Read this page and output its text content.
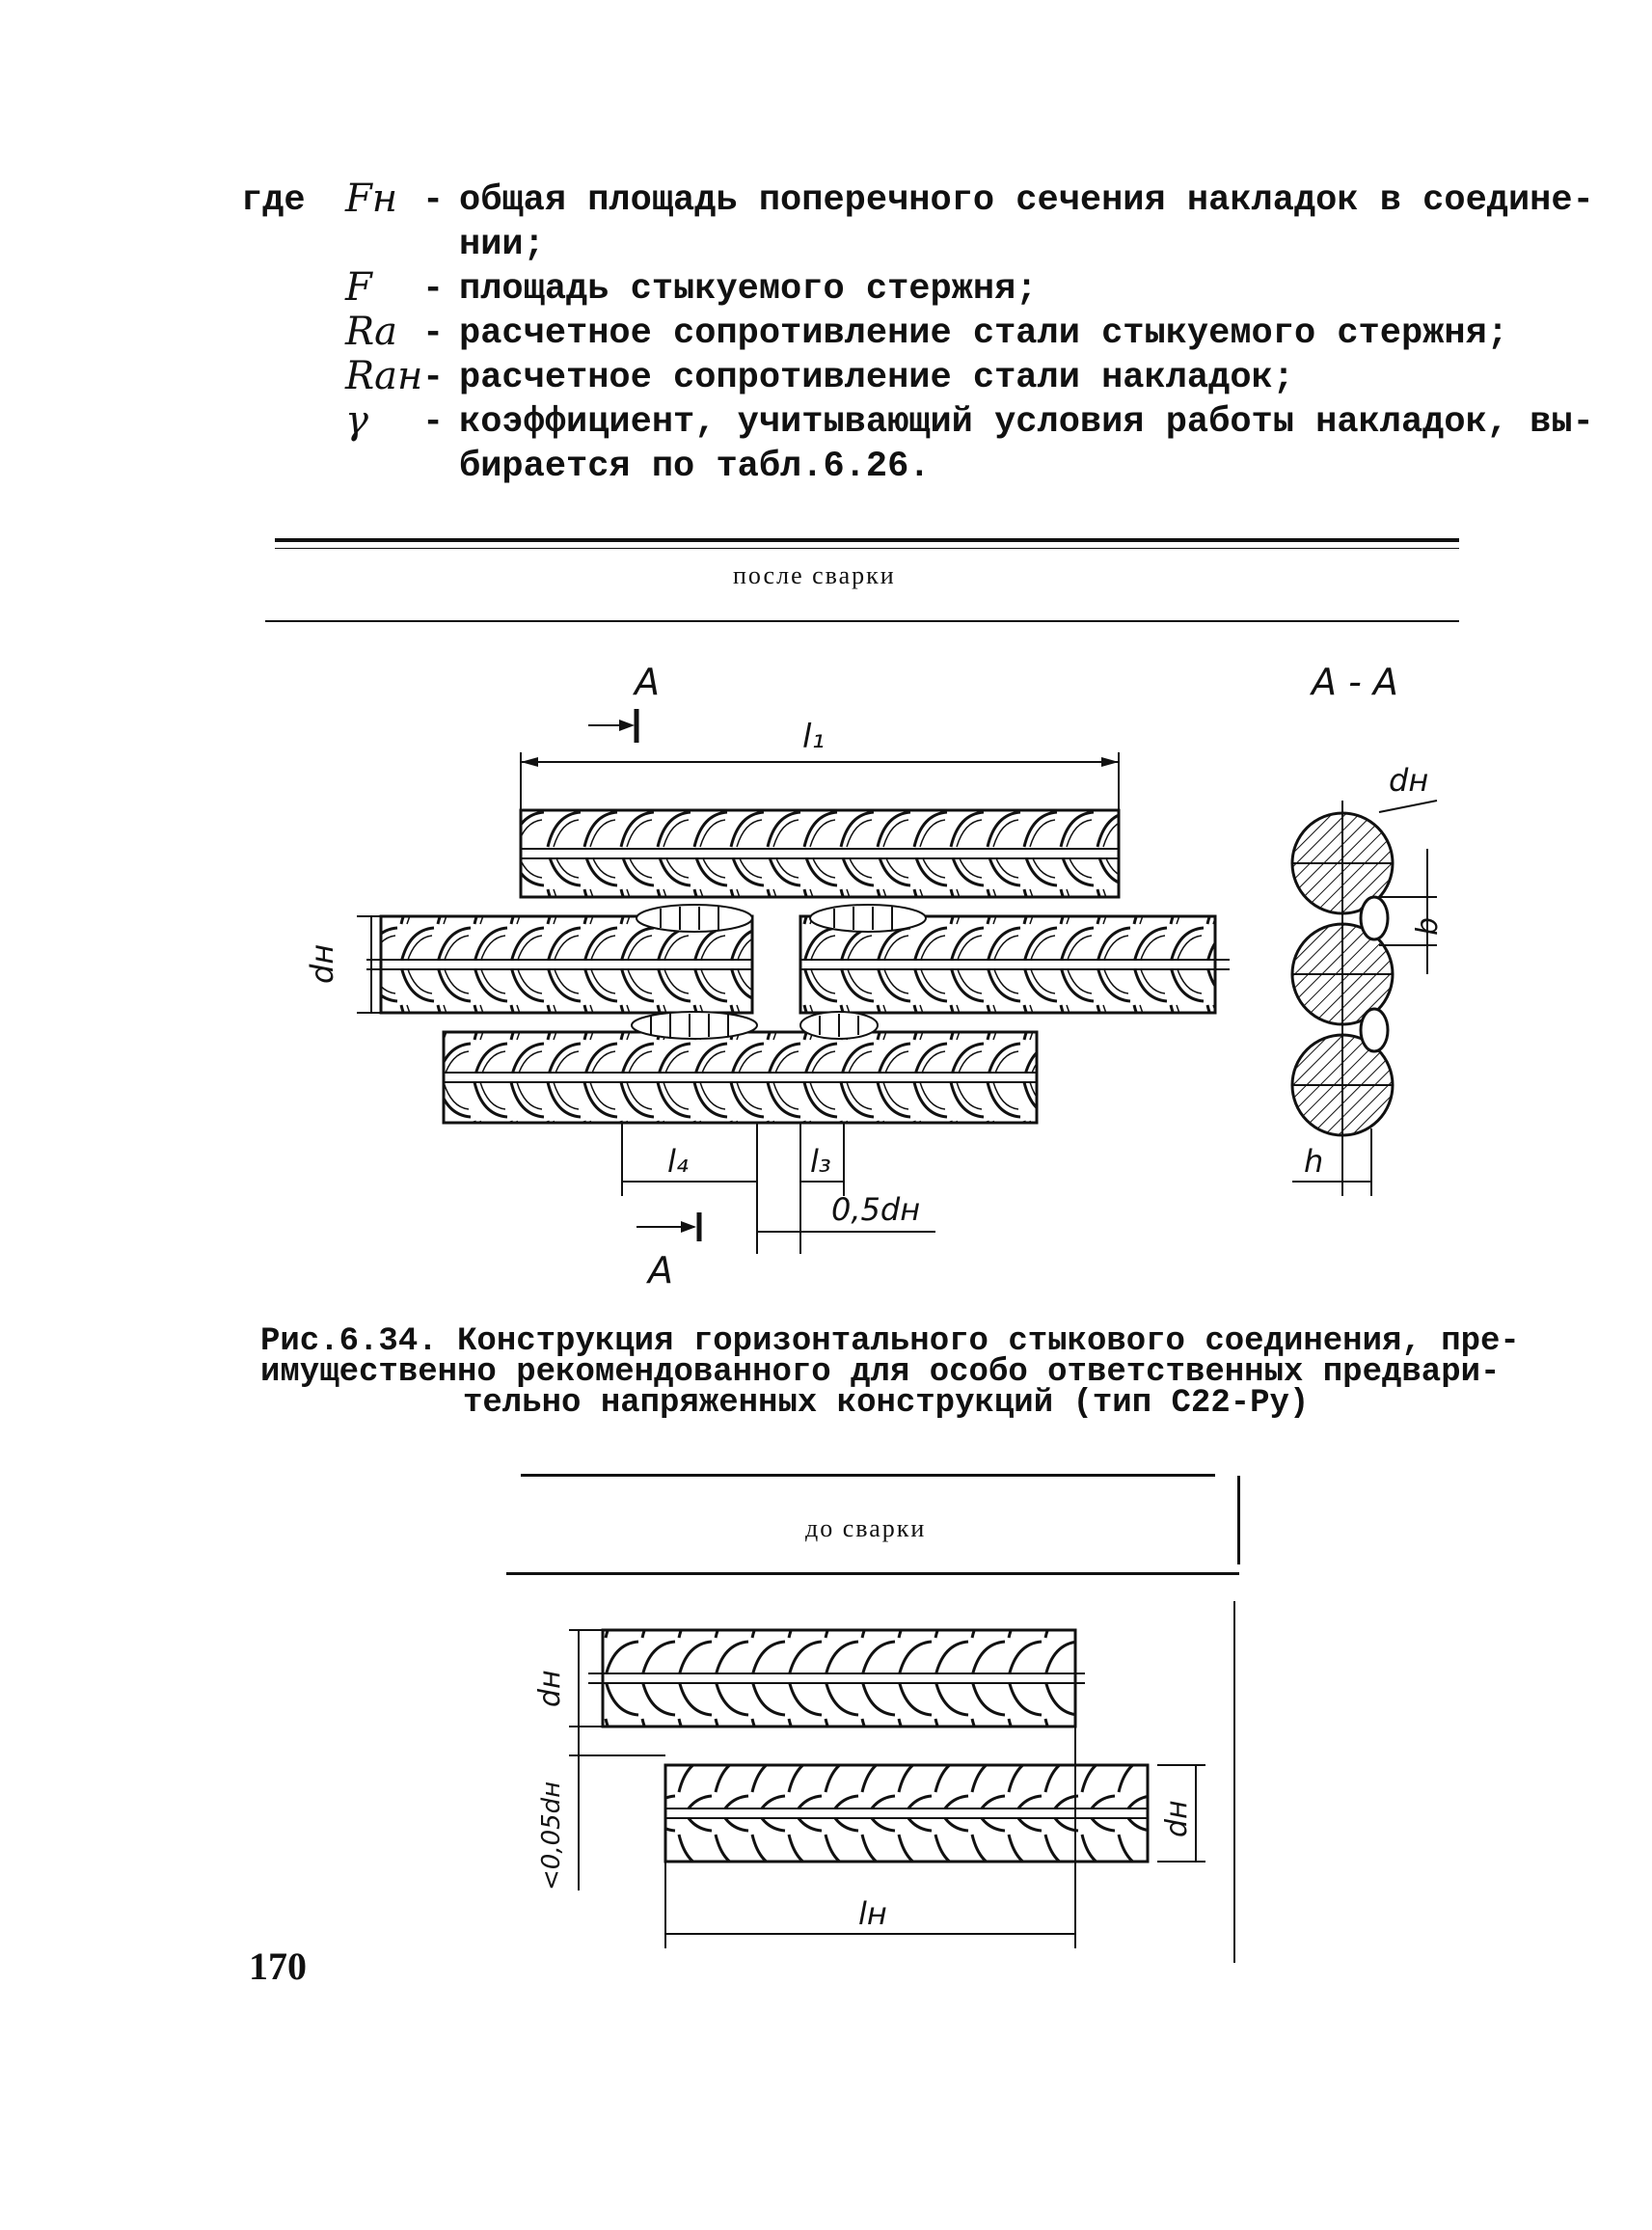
где Fн - общая площадь поперечного сечения накладок в соедине-
нии;
F - площадь стыкуемого стержня;
Rа - расчетное сопротивление стали стыкуемого стержня;
Rан - расчетное сопротивление стали накладок;
γ - коэффициент, учитывающий условия работы накладок, вы-
бирается по табл.6.26.
после сварки
l₁
A
A
dн
l₄	l₃
0,5dн
A - A
dн
b
h
Рис.6.34. Конструкция горизонтального стыкового соединения, пре-
имущественно рекомендованного для особо ответственных предвари-
тельно напряженных конструкций (тип С22-Ру)
до сварки
dн
<0,05dн	dн
lн
170
